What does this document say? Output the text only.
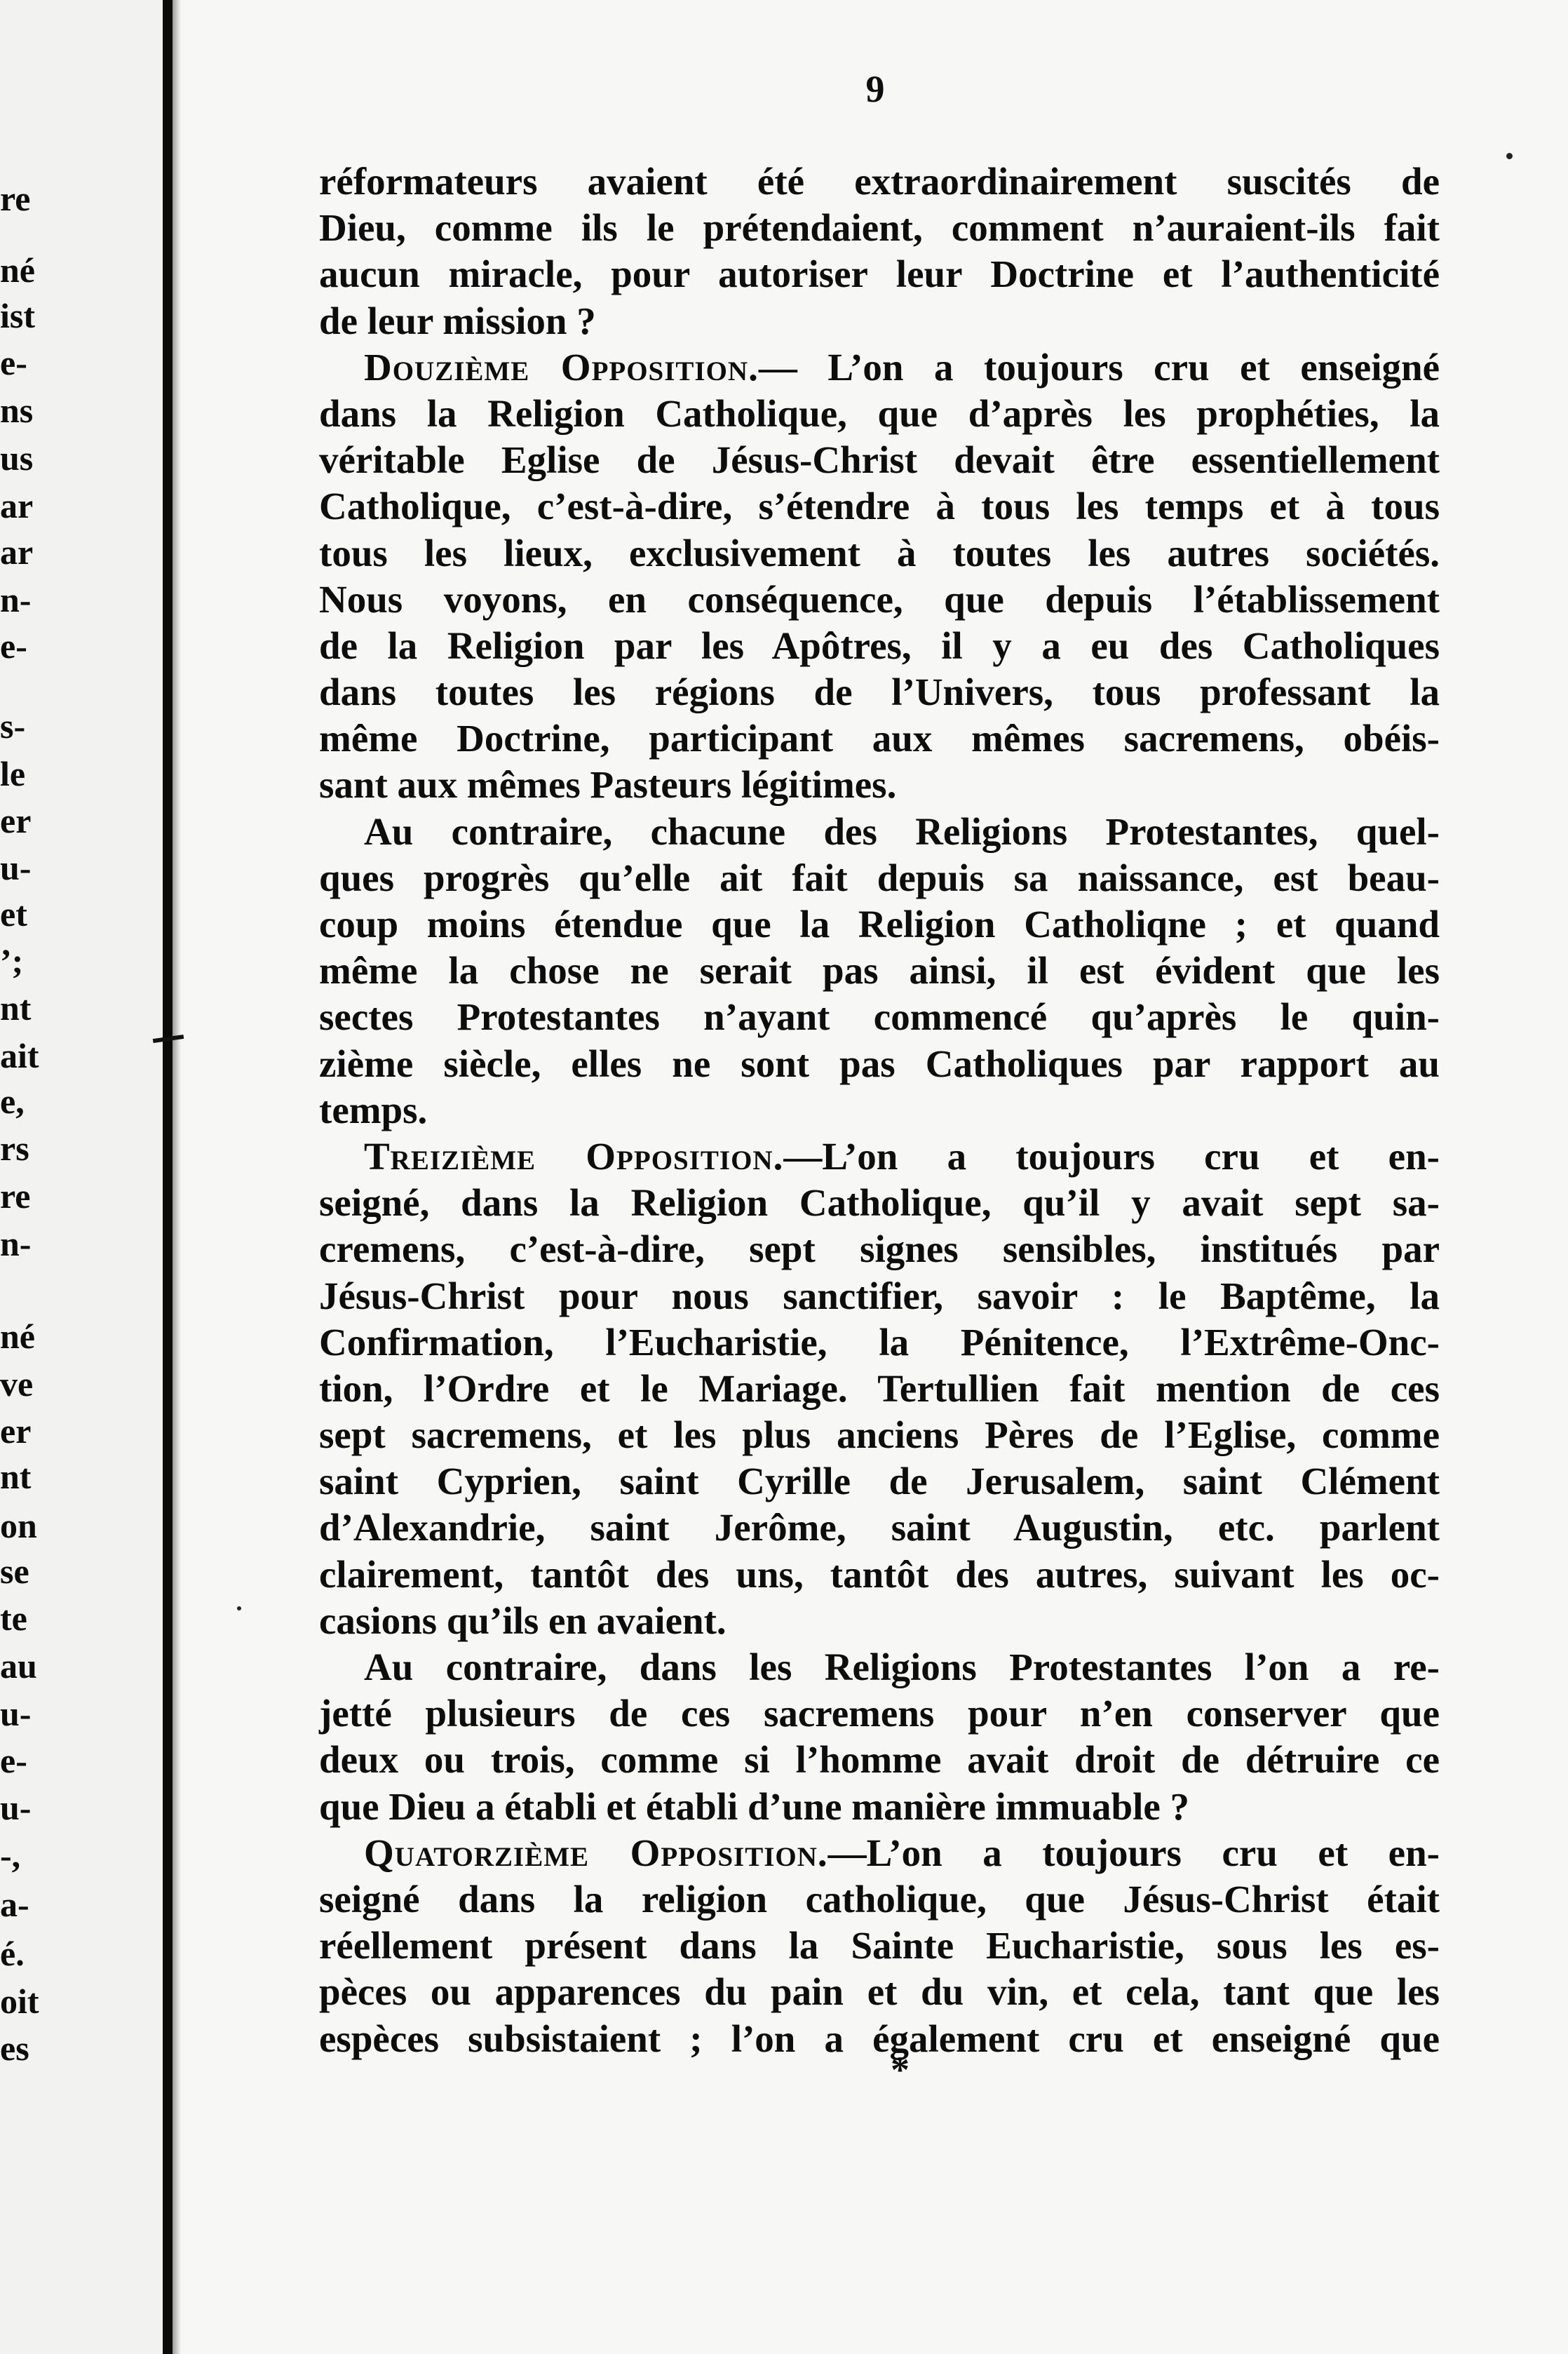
re
né
ist
e-
ns
us
ar
ar
n-
e-
s-
le
er
u-
et
’;
nt
ait
e,
rs
re
n-
né
ve
er
nt
on
se
te
au
u-
e-
u-
-,
a-
é.
oit
es
9
réformateurs avaient été extraordinairement suscités de
Dieu, comme ils le prétendaient, comment n’auraient-ils fait
aucun miracle, pour autoriser leur Doctrine et l’authenticité
de leur mission ?
Douzième Opposition.— L’on a toujours cru et enseigné
dans la Religion Catholique, que d’après les prophéties, la
véritable Eglise de Jésus-Christ devait être essentiellement
Catholique, c’est-à-dire, s’étendre à tous les temps et à tous
tous les lieux, exclusivement à toutes les autres sociétés.
Nous voyons, en conséquence, que depuis l’établissement
de la Religion par les Apôtres, il y a eu des Catholiques
dans toutes les régions de l’Univers, tous professant la
même Doctrine, participant aux mêmes sacremens, obéis-
sant aux mêmes Pasteurs légitimes.
Au contraire, chacune des Religions Protestantes, quel-
ques progrès qu’elle ait fait depuis sa naissance, est beau-
coup moins étendue que la Religion Catholiqne ; et quand
même la chose ne serait pas ainsi, il est évident que les
sectes Protestantes n’ayant commencé qu’après le quin-
zième siècle, elles ne sont pas Catholiques par rapport au
temps.
Treizième Opposition.—L’on a toujours cru et en-
seigné, dans la Religion Catholique, qu’il y avait sept sa-
cremens, c’est-à-dire, sept signes sensibles, institués par
Jésus-Christ pour nous sanctifier, savoir : le Baptême, la
Confirmation, l’Eucharistie, la Pénitence, l’Extrême-Onc-
tion, l’Ordre et le Mariage. Tertullien fait mention de ces
sept sacremens, et les plus anciens Pères de l’Eglise, comme
saint Cyprien, saint Cyrille de Jerusalem, saint Clément
d’Alexandrie, saint Jerôme, saint Augustin, etc. parlent
clairement, tantôt des uns, tantôt des autres, suivant les oc-
casions qu’ils en avaient.
Au contraire, dans les Religions Protestantes l’on a re-
jetté plusieurs de ces sacremens pour n’en conserver que
deux ou trois, comme si l’homme avait droit de détruire ce
que Dieu a établi et établi d’une manière immuable ?
Quatorzième Opposition.—L’on a toujours cru et en-
seigné dans la religion catholique, que Jésus-Christ était
réellement présent dans la Sainte Eucharistie, sous les es-
pèces ou apparences du pain et du vin, et cela, tant que les
espèces subsistaient ; l’on a également cru et enseigné que
*
